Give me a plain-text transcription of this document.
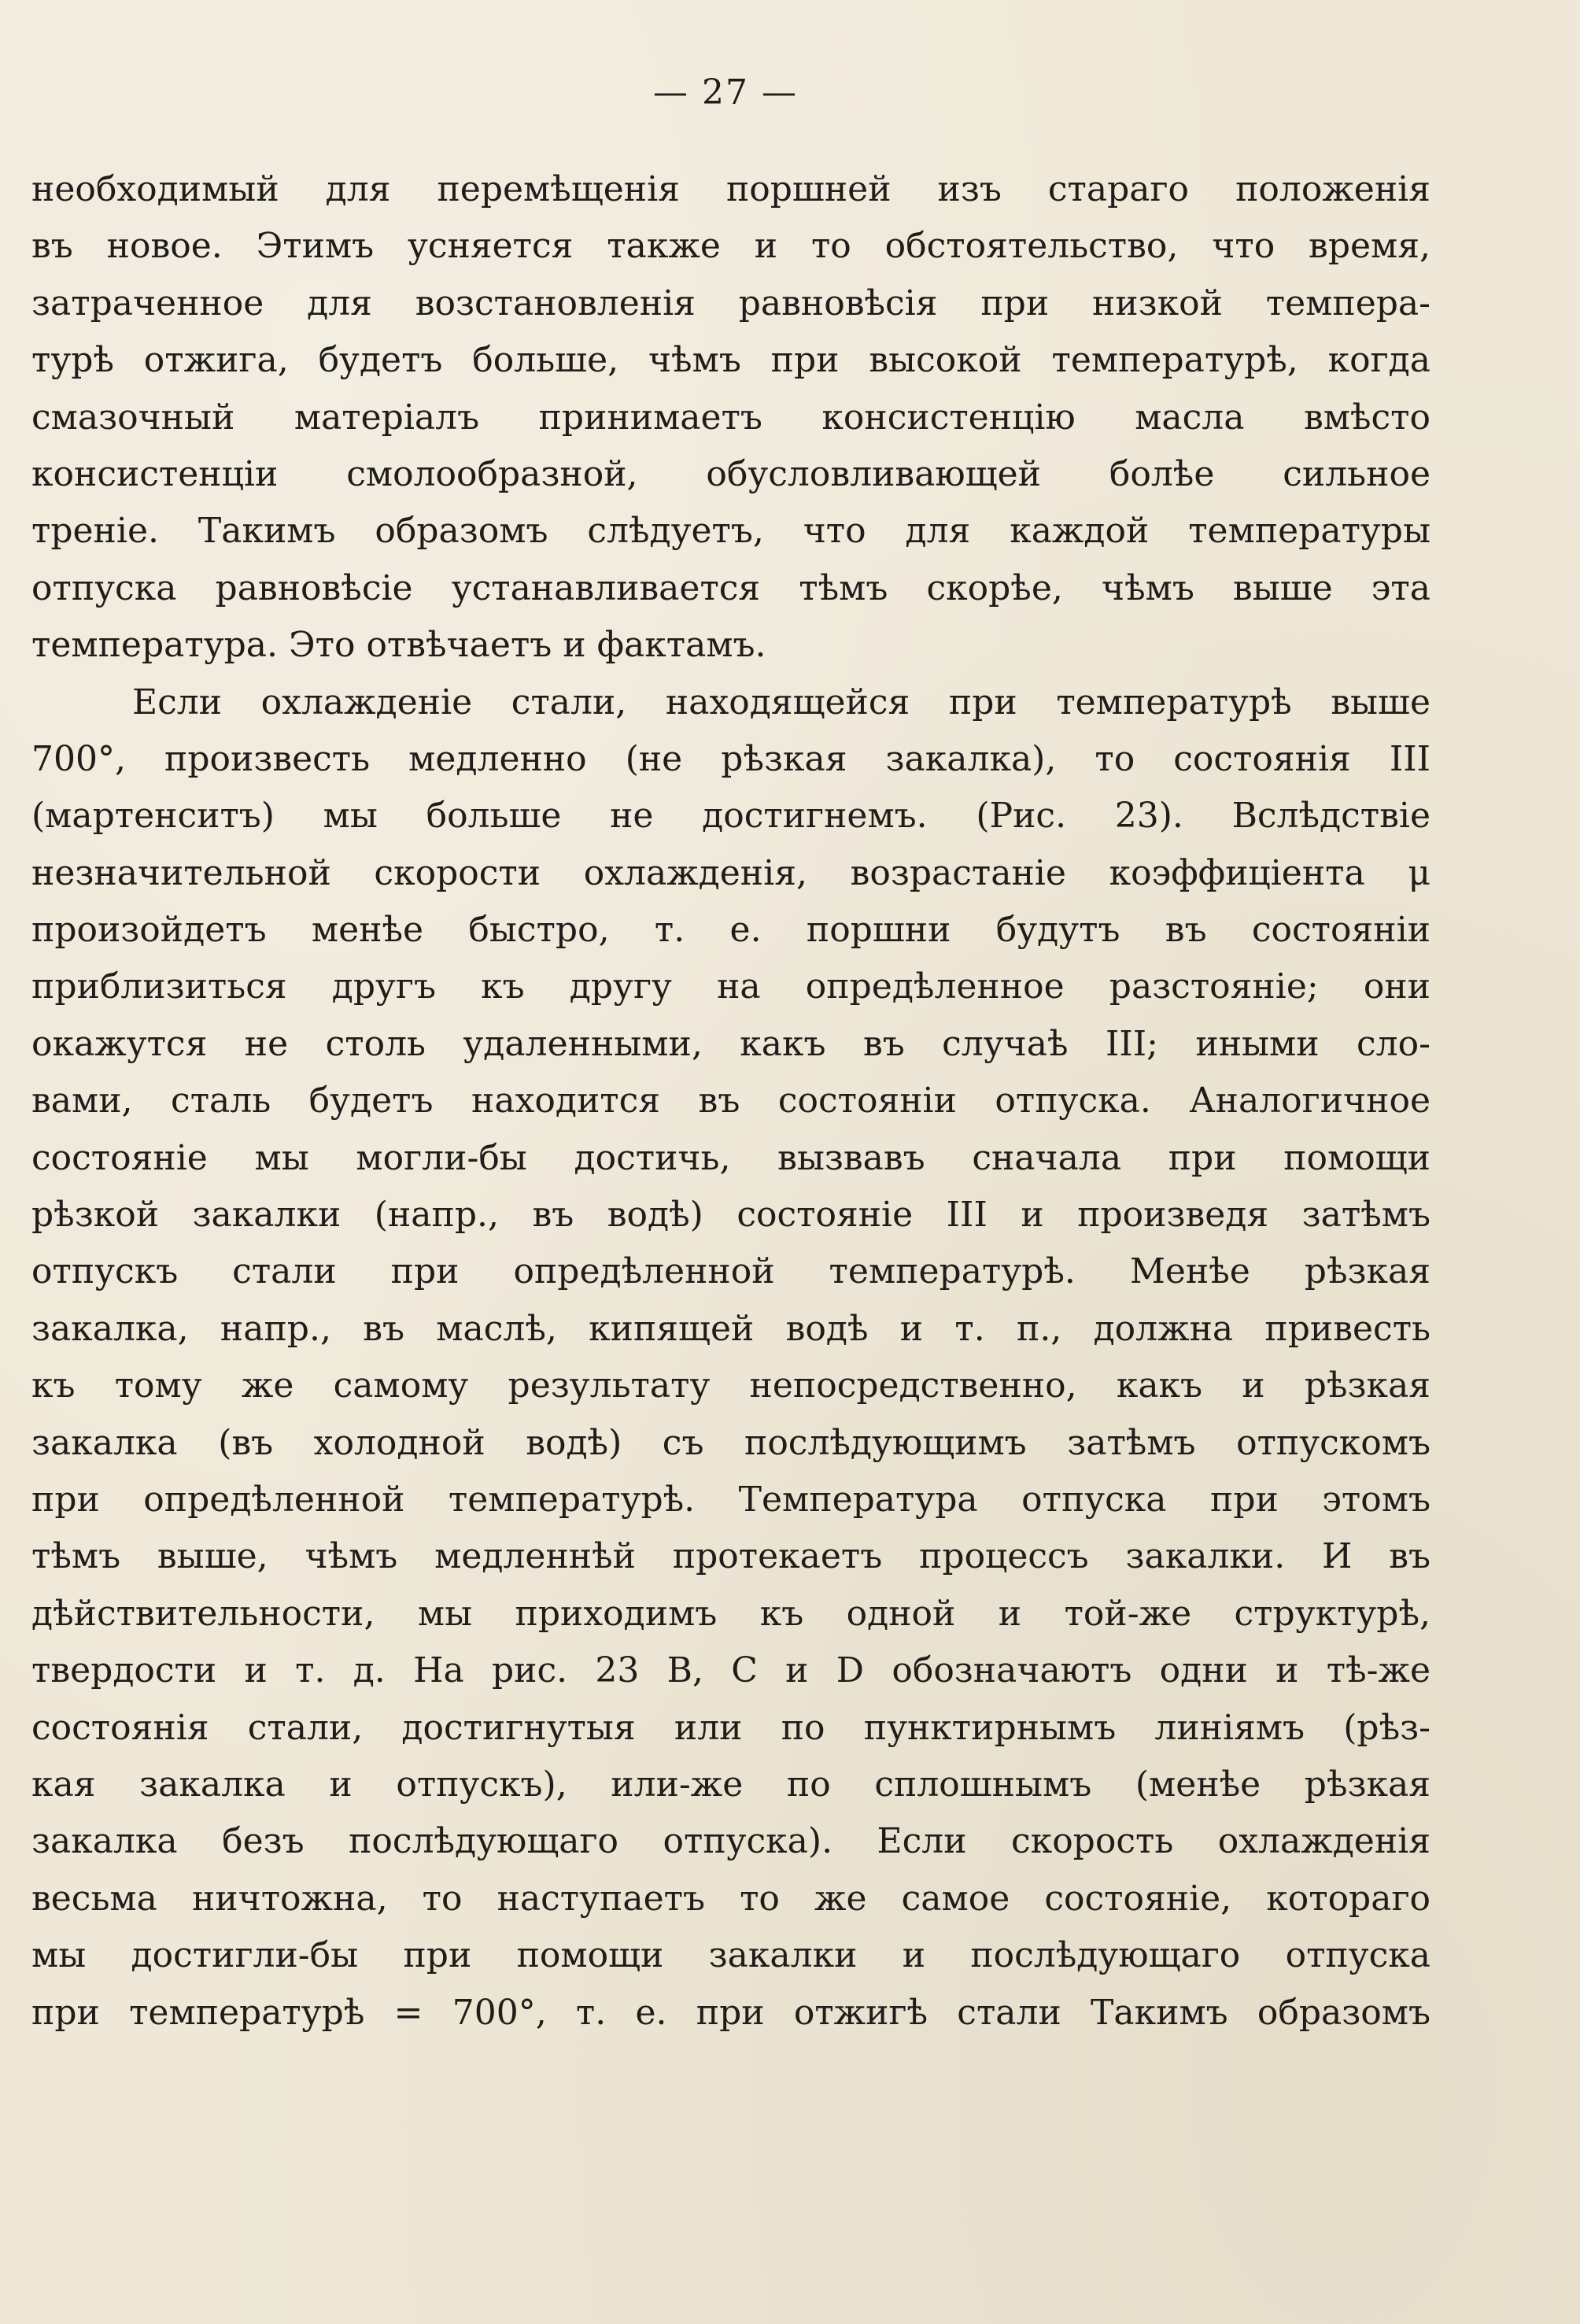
— 27 —
необходимый для перемѣщенія поршней изъ стараго положенія
въ новое. Этимъ усняется также и то обстоятельство, что время,
затраченное для возстановленія равновѣсія при низкой темпера-
турѣ отжига, будетъ больше, чѣмъ при высокой температурѣ, когда
смазочный матеріалъ принимаетъ консистенцію масла вмѣсто
консистенціи смолообразной, обусловливающей болѣе сильное
треніе. Такимъ образомъ слѣдуетъ, что для каждой температуры
отпуска равновѣсіе устанавливается тѣмъ скорѣе, чѣмъ выше эта
температура. Это отвѣчаетъ и фактамъ.
Если охлажденіе стали, находящейся при температурѣ выше
700°, произвесть медленно (не рѣзкая закалка), то состоянія III
(мартенситъ) мы больше не достигнемъ. (Рис. 23). Вслѣдствіе
незначительной скорости охлажденія, возрастаніе коэффиціента μ
произойдетъ менѣе быстро, т. е. поршни будутъ въ состояніи
приблизиться другъ къ другу на опредѣленное разстояніе; они
окажутся не столь удаленными, какъ въ случаѣ III; иными сло-
вами, сталь будетъ находится въ состояніи отпуска. Аналогичное
состояніе мы могли-бы достичь, вызвавъ сначала при помощи
рѣзкой закалки (напр., въ водѣ) состояніе III и произведя затѣмъ
отпускъ стали при опредѣленной температурѣ. Менѣе рѣзкая
закалка, напр., въ маслѣ, кипящей водѣ и т. п., должна привесть
къ тому же самому результату непосредственно, какъ и рѣзкая
закалка (въ холодной водѣ) съ послѣдующимъ затѣмъ отпускомъ
при опредѣленной температурѣ. Температура отпуска при этомъ
тѣмъ выше, чѣмъ медленнѣй протекаетъ процессъ закалки. И въ
дѣйствительности, мы приходимъ къ одной и той-же структурѣ,
твердости и т. д. На рис. 23 B, C и D обозначаютъ одни и тѣ-же
состоянія стали, достигнутыя или по пунктирнымъ линіямъ (рѣз-
кая закалка и отпускъ), или-же по сплошнымъ (менѣе рѣзкая
закалка безъ послѣдующаго отпуска). Если скорость охлажденія
весьма ничтожна, то наступаетъ то же самое состояніе, котораго
мы достигли-бы при помощи закалки и послѣдующаго отпуска
при температурѣ = 700°, т. е. при отжигѣ стали Такимъ образомъ
